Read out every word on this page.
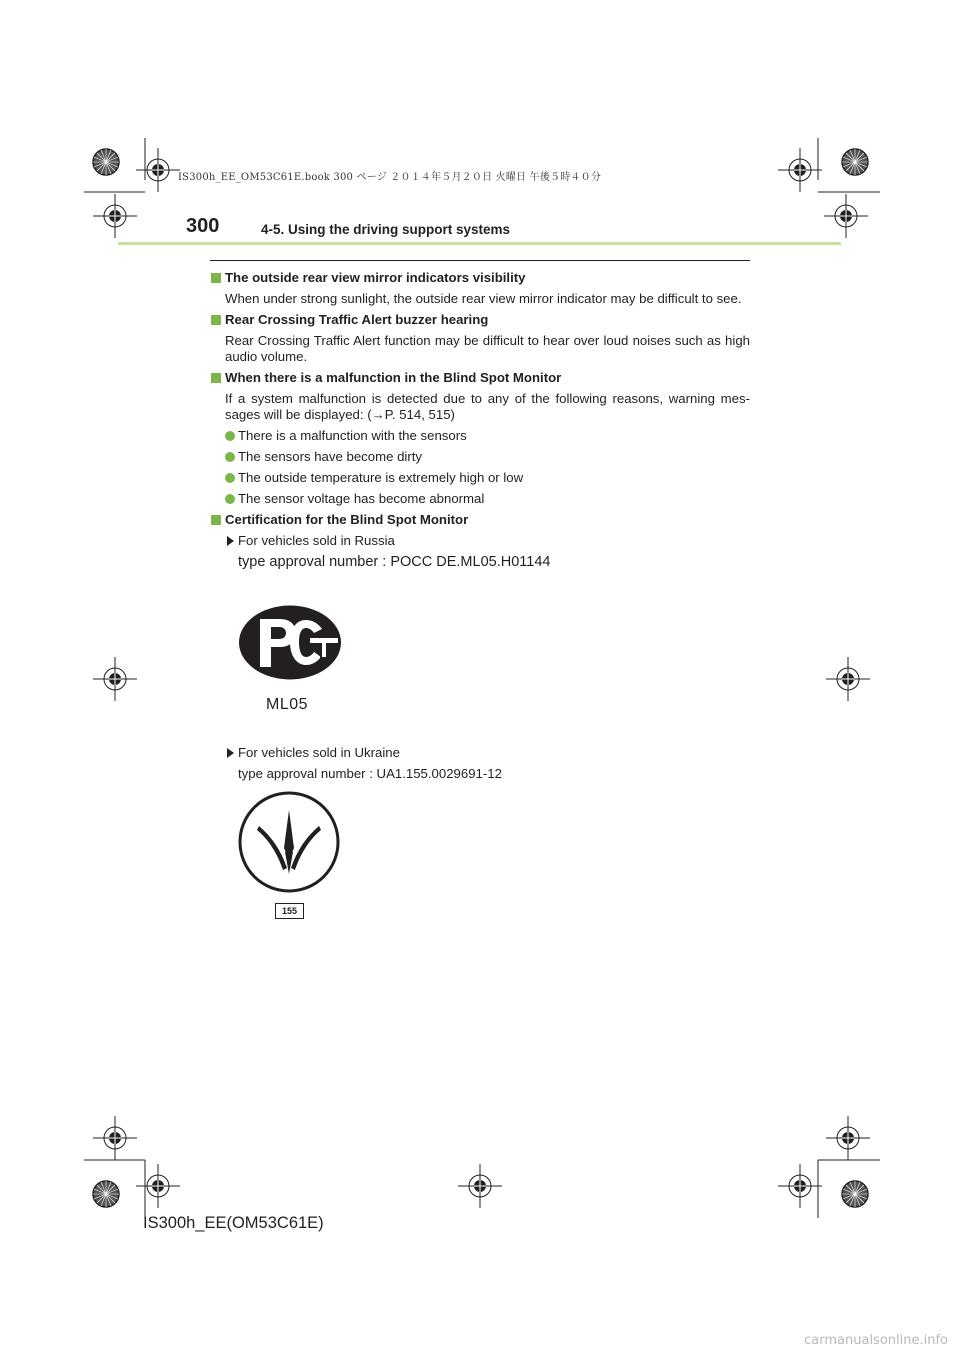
IS300h_EE_OM53C61E.book 300 ページ ２０１４年５月２０日 火曜日 午後５時４０分
300	4-5. Using the driving support systems
The outside rear view mirror indicators visibility
When under strong sunlight, the outside rear view mirror indicator may be difficult to see.
Rear Crossing Traffic Alert buzzer hearing
Rear Crossing Traffic Alert function may be difficult to hear over loud noises such as high audio volume.
When there is a malfunction in the Blind Spot Monitor
If a system malfunction is detected due to any of the following reasons, warning mes-sages will be displayed: (→P. 514, 515)
There is a malfunction with the sensors
The sensors have become dirty
The outside temperature is extremely high or low
The sensor voltage has become abnormal
Certification for the Blind Spot Monitor
For vehicles sold in Russia
type approval number : POCC DE.ML05.H01144
ML05
For vehicles sold in Ukraine
type approval number : UA1.155.0029691-12
155
IS300h_EE(OM53C61E)
carmanualsonline.info
